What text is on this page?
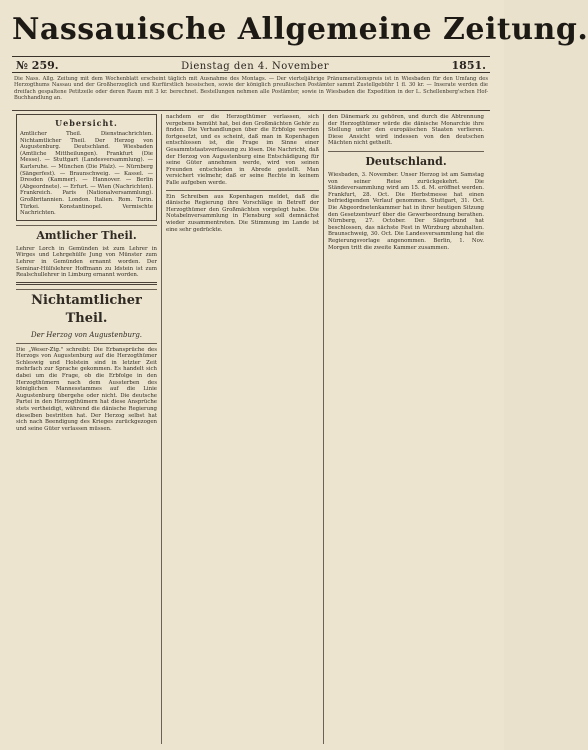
Nassauische Allgemeine Zeitung.
№ 259.	Dienstag den 4. November	1851.
Die Nass. Allg. Zeitung mit dem Wochenblatt erscheint täglich mit Ausnahme des Montags. — Der vierteljährige Pränumerationspreis ist in Wiesbaden für den Umfang des Herzogthums Nassau und der Großherzoglich und Kurfürstlich hessischen, sowie der königlich preußischen Postämter sammt Zustellgebühr 1 fl. 30 kr. — Inserate werden die dreifach gespaltene Petitzeile oder deren Raum mit 3 kr. berechnet. Bestellungen nehmen alle Postämter, sowie in Wiesbaden die Expedition in der L. Schellenberg'schen Hof-Buchhandlung an.
Uebersicht.
Amtlicher Theil. Dienstnachrichten. Nichtamtlicher Theil. Der Herzog von Augustenburg. Deutschland. Wiesbaden (Amtliche Mittheilungen). Frankfurt (Die Messe). — Stuttgart (Landesversammlung). — Karlsruhe. — München (Die Pfalz). — Nürnberg (Sängerfest). — Braunschweig. — Kassel. — Dresden (Kammer). — Hannover. — Berlin (Abgeordnete). — Erfurt. — Wien (Nachrichten). Frankreich. Paris (Nationalversammlung). Großbritannien. London. Italien. Rom. Turin. Türkei. Konstantinopel. Vermischte Nachrichten.
Amtlicher Theil.
Lehrer Lorch in Gemünden ist zum Lehrer in Wirges und Lehrgehülfe Jung von Münster zum Lehrer in Gemünden ernannt worden. Der Seminar-Hülfslehrer Hoffmann zu Idstein ist zum Realschullehrer in Limburg ernannt worden.
Nichtamtlicher Theil.
Der Herzog von Augustenburg.
Die „Weser-Ztg." schreibt: Die Erbansprüche des Herzogs von Augustenburg auf die Herzogthümer Schleswig und Holstein sind in letzter Zeit mehrfach zur Sprache gekommen. Es handelt sich dabei um die Frage, ob die Erbfolge in den Herzogthümern nach dem Aussterben des königlichen Mannesstammes auf die Linie Augustenburg übergehe oder nicht. Die deutsche Partei in den Herzogthümern hat diese Ansprüche stets vertheidigt, während die dänische Regierung dieselben bestritten hat. Der Herzog selbst hat sich nach Beendigung des Krieges zurückgezogen und seine Güter verlassen müssen.
nachdem er die Herzogthümer verlassen, sich vergebens bemüht hat, bei den Großmächten Gehör zu finden. Die Verhandlungen über die Erbfolge werden fortgesetzt, und es scheint, daß man in Kopenhagen entschlossen ist, die Frage im Sinne einer Gesammtstaatsverfassung zu lösen. Die Nachricht, daß der Herzog von Augustenburg eine Entschädigung für seine Güter annehmen werde, wird von seinen Freunden entschieden in Abrede gestellt. Man versichert vielmehr, daß er seine Rechte in keinem Falle aufgeben werde.
Ein Schreiben aus Kopenhagen meldet, daß die dänische Regierung ihre Vorschläge in Betreff der Herzogthümer den Großmächten vorgelegt habe. Die Notabelnversammlung in Flensburg soll demnächst wieder zusammentreten. Die Stimmung im Lande ist eine sehr gedrückte.
den Dänemark zu gehören, und durch die Abtrennung der Herzogthümer würde die dänische Monarchie ihre Stellung unter den europäischen Staaten verlieren. Diese Ansicht wird indessen von den deutschen Mächten nicht getheilt.
Deutschland.
Wiesbaden, 3. November. Unser Herzog ist am Samstag von seiner Reise zurückgekehrt. Die Ständeversammlung wird am 15. d. M. eröffnet werden. Frankfurt, 28. Oct. Die Herbstmesse hat einen befriedigenden Verlauf genommen. Stuttgart, 31. Oct. Die Abgeordnetenkammer hat in ihrer heutigen Sitzung den Gesetzentwurf über die Gewerbeordnung berathen. Nürnberg, 27. October. Der Sängerbund hat beschlossen, das nächste Fest in Würzburg abzuhalten. Braunschweig, 30. Oct. Die Landesversammlung hat die Regierungsvorlage angenommen. Berlin, 1. Nov. Morgen tritt die zweite Kammer zusammen.
